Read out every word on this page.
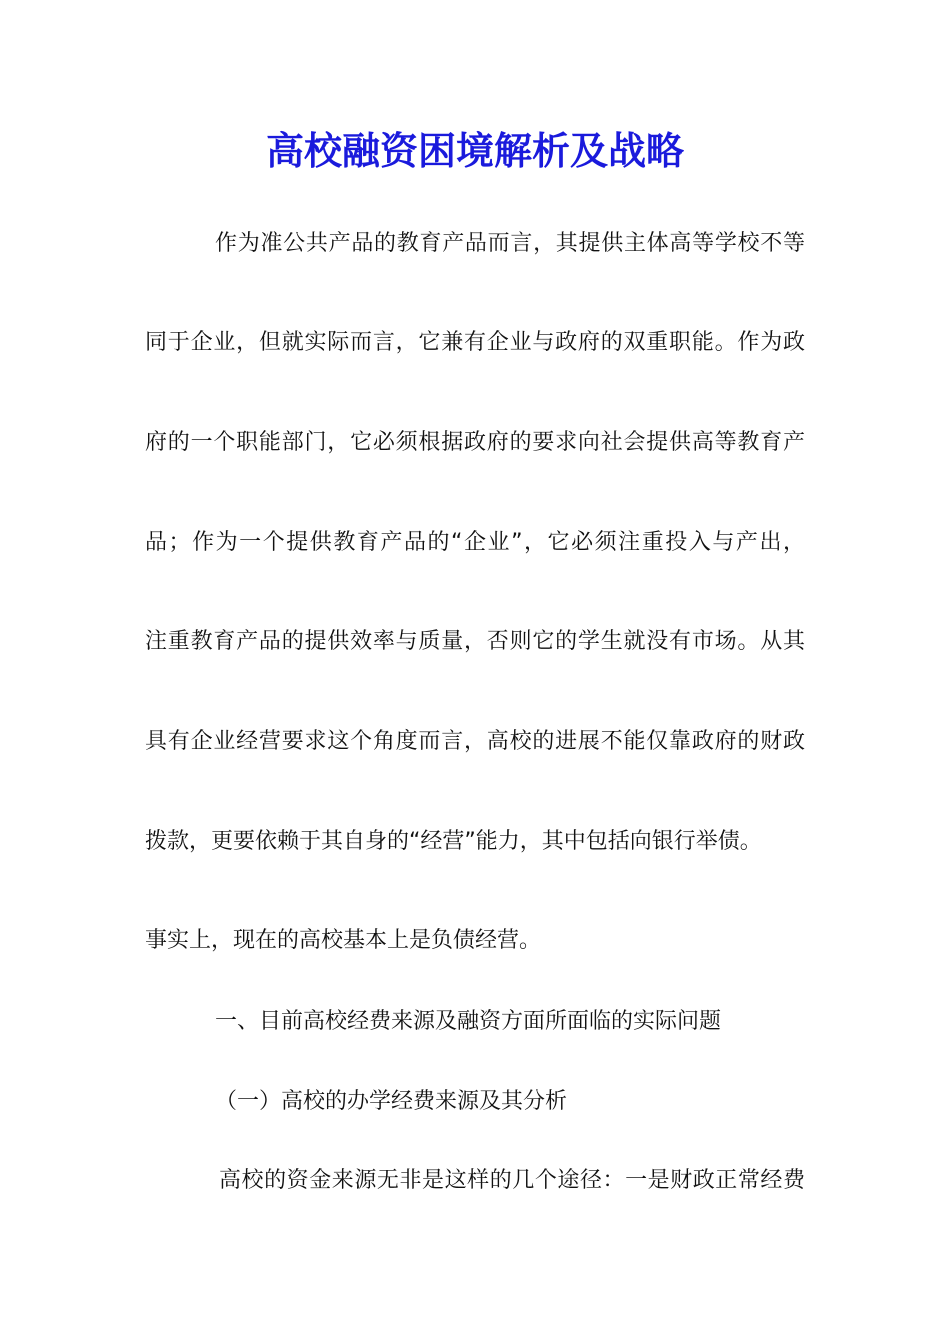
高校融资困境解析及战略

作为准公共产品的教育产品而言，其提供主体高等学校不等

同于企业，但就实际而言，它兼有企业与政府的双重职能。作为政

府的一个职能部门，它必须根据政府的要求向社会提供高等教育产

品；作为一个提供教育产品的“企业”，它必须注重投入与产出，

注重教育产品的提供效率与质量，否则它的学生就没有市场。从其

具有企业经营要求这个角度而言，高校的进展不能仅靠政府的财政

拨款，更要依赖于其自身的“经营”能力，其中包括向银行举债。

事实上，现在的高校基本上是负债经营。

一、目前高校经费来源及融资方面所面临的实际问题

（一）高校的办学经费来源及其分析

高校的资金来源无非是这样的几个途径：一是财政正常经费
